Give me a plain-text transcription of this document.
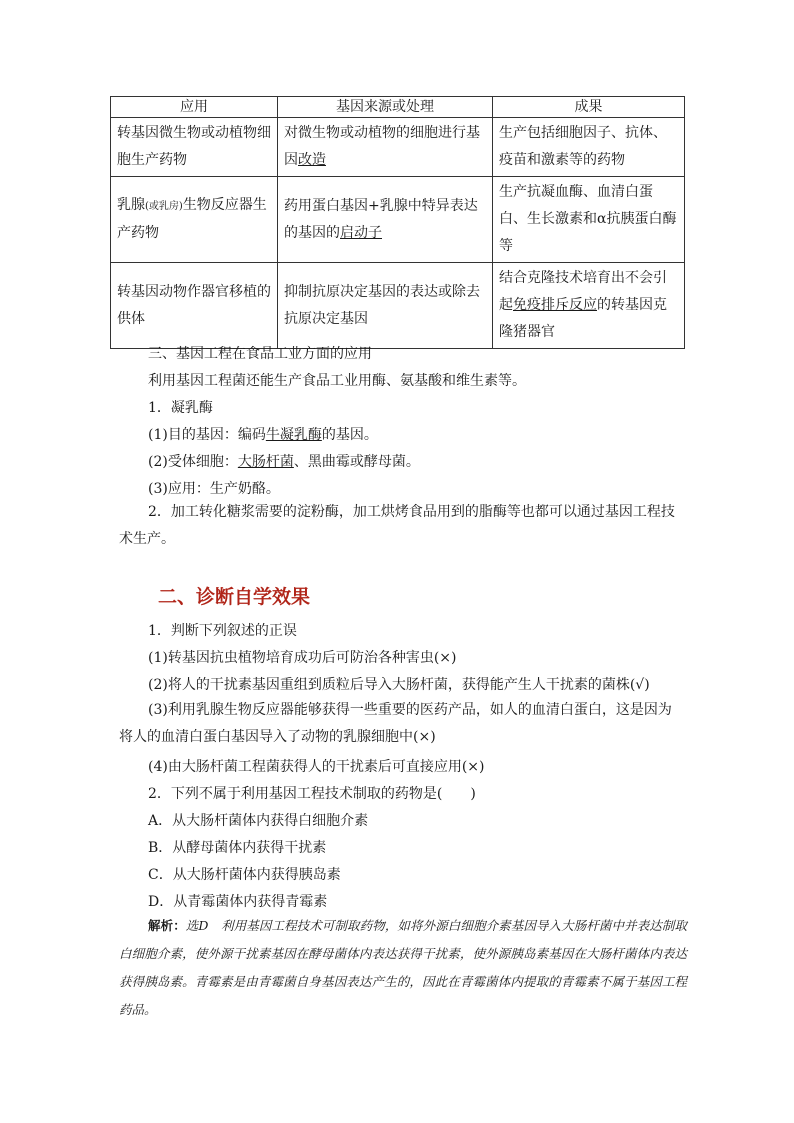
应用	基因来源或处理	成果
转基因微生物或动植物细胞生产药物	对微生物或动植物的细胞进行基因改造	生产包括细胞因子、抗体、疫苗和激素等的药物
乳腺(或乳房)生物反应器生产药物	药用蛋白基因+乳腺中特异表达的基因的启动子	生产抗凝血酶、血清白蛋白、生长激素和α抗胰蛋白酶等
转基因动物作器官移植的供体	抑制抗原决定基因的表达或除去抗原决定基因	结合克隆技术培育出不会引起免疫排斥反应的转基因克隆猪器官
三、基因工程在食品工业方面的应用
利用基因工程菌还能生产食品工业用酶、氨基酸和维生素等。
1．凝乳酶
(1)目的基因：编码牛凝乳酶的基因。
(2)受体细胞：大肠杆菌、黑曲霉或酵母菌。
(3)应用：生产奶酪。
2．加工转化糖浆需要的淀粉酶，加工烘烤食品用到的脂酶等也都可以通过基因工程技术生产。
二、诊断自学效果
1．判断下列叙述的正误
(1)转基因抗虫植物培育成功后可防治各种害虫(×)
(2)将人的干扰素基因重组到质粒后导入大肠杆菌，获得能产生人干扰素的菌株(√)
(3)利用乳腺生物反应器能够获得一些重要的医药产品，如人的血清白蛋白，这是因为将人的血清白蛋白基因导入了动物的乳腺细胞中(×)
(4)由大肠杆菌工程菌获得人的干扰素后可直接应用(×)
2．下列不属于利用基因工程技术制取的药物是(　　)
A．从大肠杆菌体内获得白细胞介素
B．从酵母菌体内获得干扰素
C．从大肠杆菌体内获得胰岛素
D．从青霉菌体内获得青霉素
解析：选D　利用基因工程技术可制取药物，如将外源白细胞介素基因导入大肠杆菌中并表达制取白细胞介素，使外源干扰素基因在酵母菌体内表达获得干扰素，使外源胰岛素基因在大肠杆菌体内表达获得胰岛素。青霉素是由青霉菌自身基因表达产生的，因此在青霉菌体内提取的青霉素不属于基因工程药品。
